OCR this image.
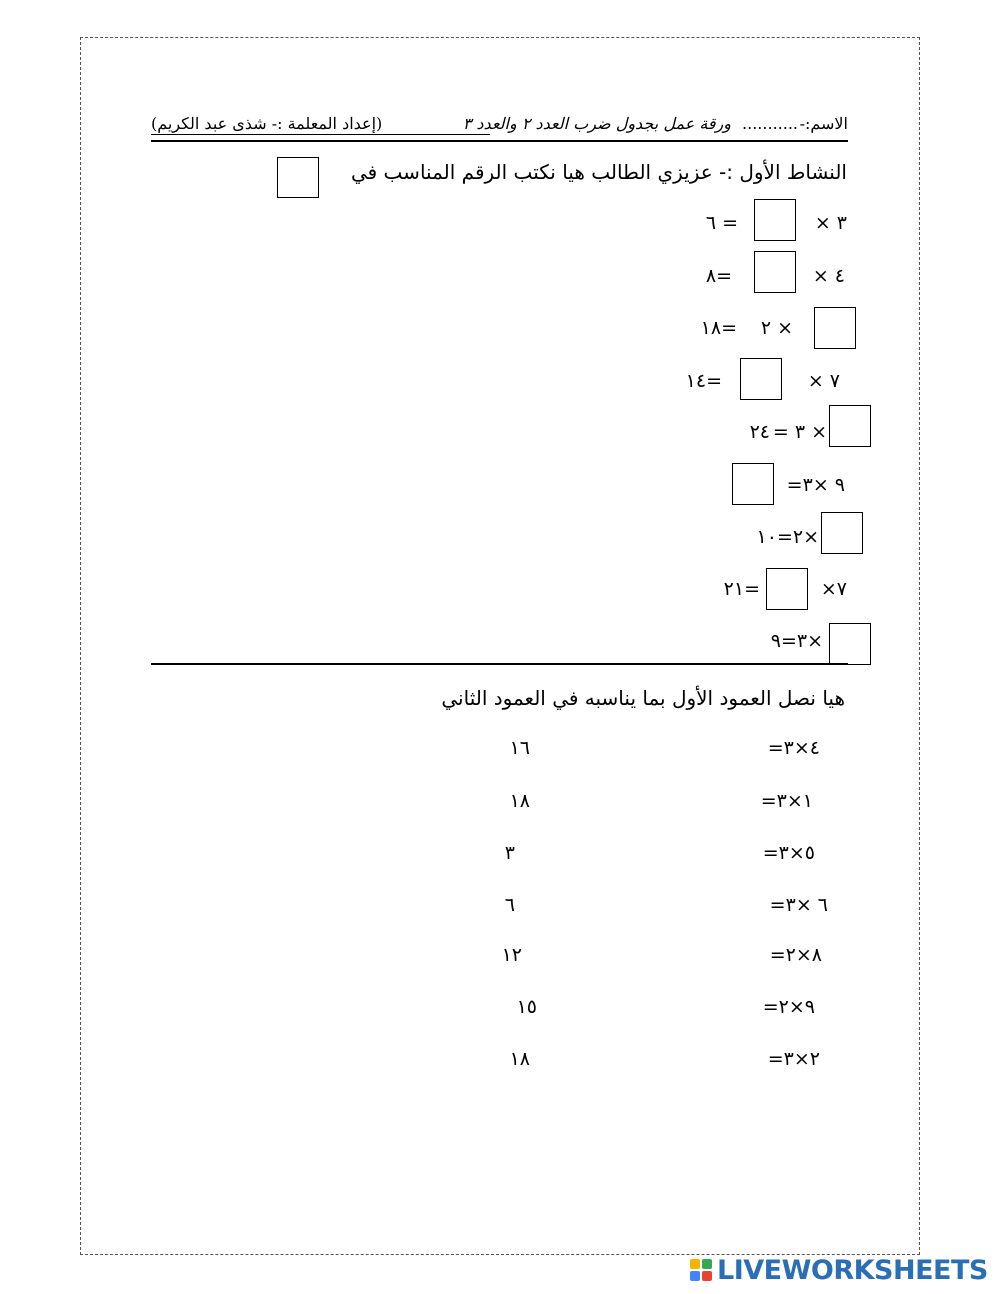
الاسم:-
...........
ورقة عمل بجدول ضرب العدد ٢ والعدد ٣
(إعداد المعلمة :- شذى عبد الكريم)
النشاط الأول :- عزيزي الطالب هيا نكتب الرقم المناسب في
٣ ×
= ٦
٤ ×
=٨
× ٢
=١٨
٧ ×
=١٤
× ٣ =
٢٤
٩ ×٣=
×٢=١٠
٧×
=٢١
×٣=٩
هيا نصل العمود الأول بما يناسبه في العمود الثاني
٤×٣=
١٦
١×٣=
١٨
٥×٣=
٣
٦ ×٣=
٦
٨×٢=
١٢
٩×٢=
١٥
٢×٣=
١٨
LIVEWORKSHEETS
